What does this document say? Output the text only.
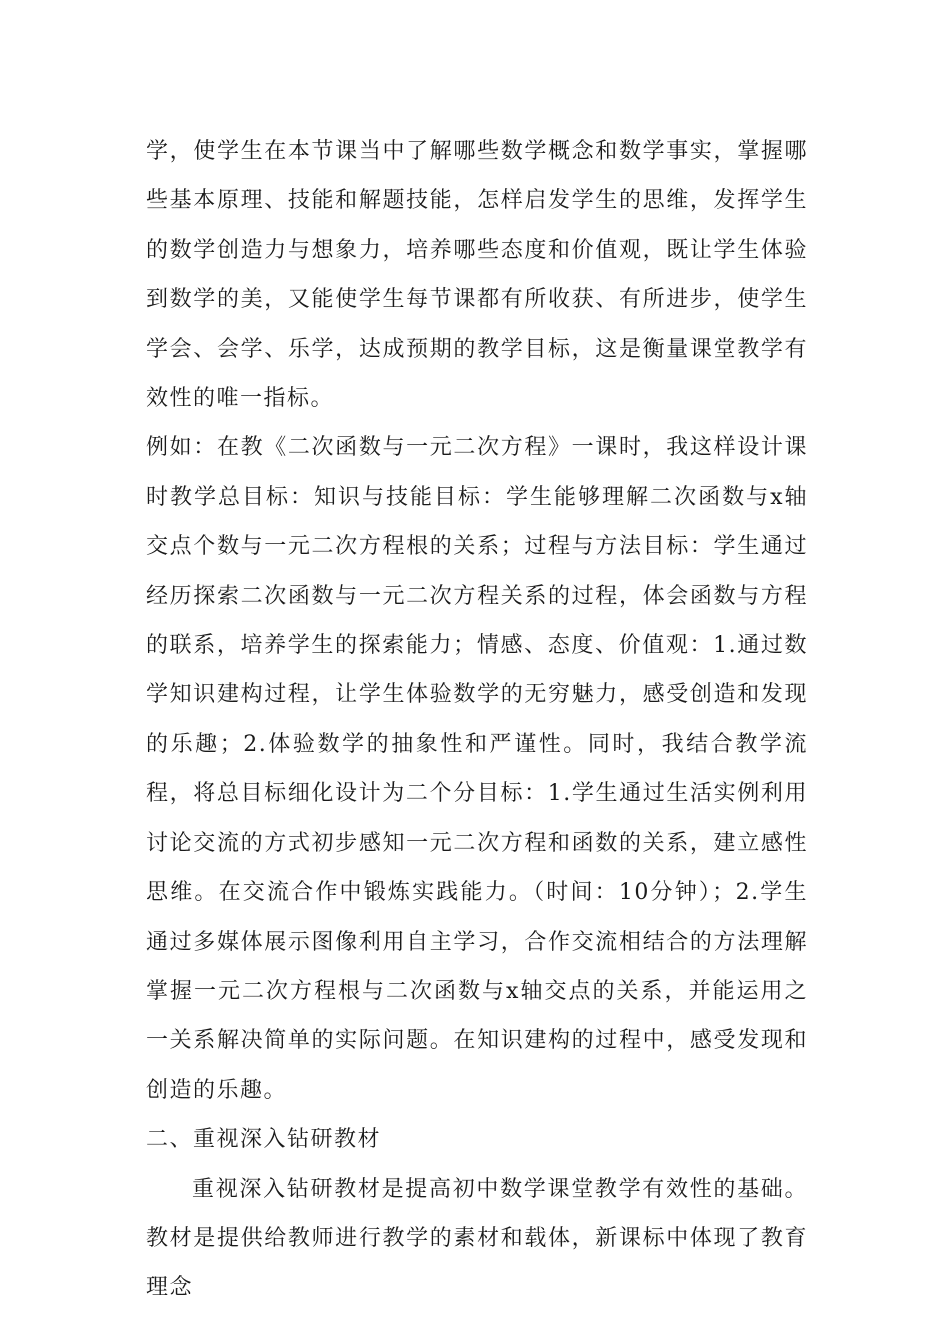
学，使学生在本节课当中了解哪些数学概念和数学事实，掌握哪些基本原理、技能和解题技能，怎样启发学生的思维，发挥学生的数学创造力与想象力，培养哪些态度和价值观，既让学生体验到数学的美，又能使学生每节课都有所收获、有所进步，使学生学会、会学、乐学，达成预期的教学目标，这是衡量课堂教学有效性的唯一指标。

例如：在教《二次函数与一元二次方程》一课时，我这样设计课时教学总目标：知识与技能目标：学生能够理解二次函数与x轴交点个数与一元二次方程根的关系；过程与方法目标：学生通过经历探索二次函数与一元二次方程关系的过程，体会函数与方程的联系，培养学生的探索能力；情感、态度、价值观：1.通过数学知识建构过程，让学生体验数学的无穷魅力，感受创造和发现的乐趣；2.体验数学的抽象性和严谨性。同时，我结合教学流程，将总目标细化设计为二个分目标：1.学生通过生活实例利用讨论交流的方式初步感知一元二次方程和函数的关系，建立感性思维。在交流合作中锻炼实践能力。（时间：10分钟）；2.学生通过多媒体展示图像利用自主学习，合作交流相结合的方法理解掌握一元二次方程根与二次函数与x轴交点的关系，并能运用之一关系解决简单的实际问题。在知识建构的过程中，感受发现和创造的乐趣。

二、重视深入钻研教材

重视深入钻研教材是提高初中数学课堂教学有效性的基础。教材是提供给教师进行教学的素材和载体，新课标中体现了教育理念
